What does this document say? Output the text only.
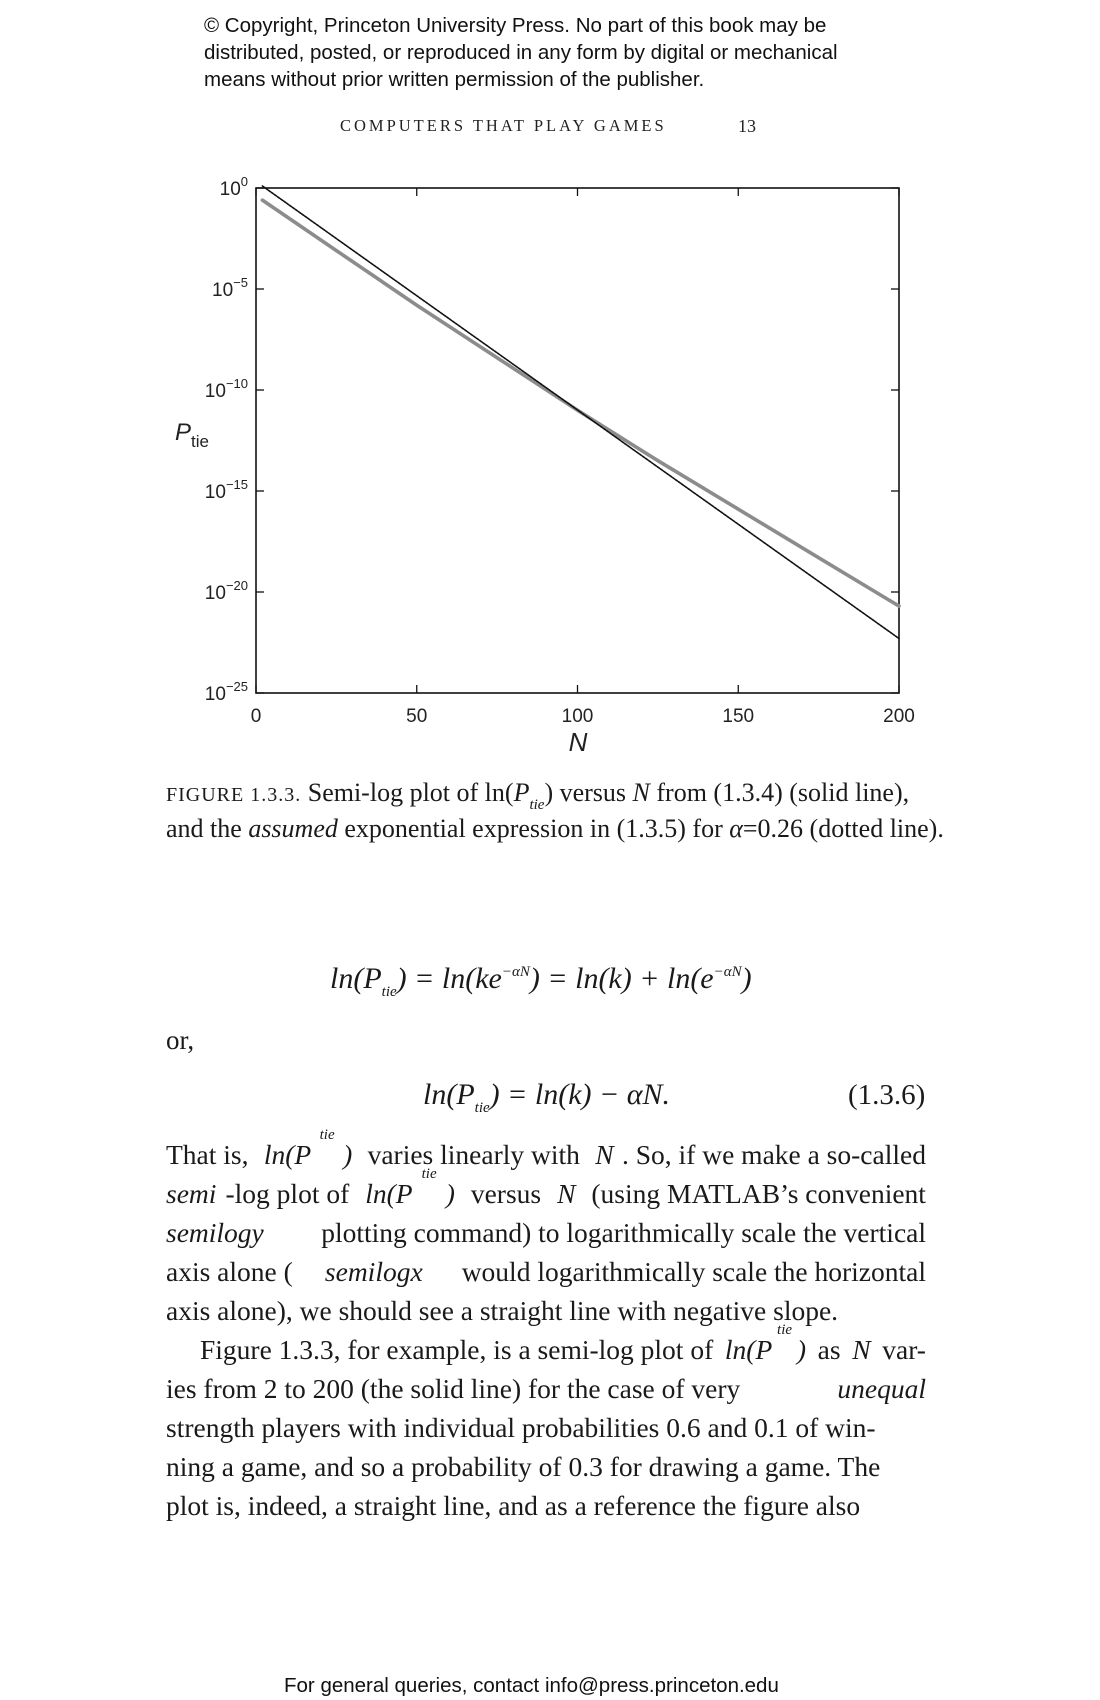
© Copyright, Princeton University Press. No part of this book may be
distributed, posted, or reproduced in any form by digital or mechanical
means without prior written permission of the publisher.
COMPUTERS THAT PLAY GAMES	13
0	50	100	150	200
$10^0$
$10^{-5}$
$10^{-10}$
$10^{-15}$
$10^{-20}$
$10^{-25}$
N
$P_{tie}$
FIGURE 1.3.3. Semi-log plot of $\ln(P_{tie})$ versus N from (1.3.4) (solid line), and the assumed exponential expression in (1.3.5) for α=0.26 (dotted line).
$\ln(P_{tie}) = \ln(ke^{-\alpha N}) = \ln(k) + \ln(e^{-\alpha N})$
or,
$\ln(P_{tie}) = \ln(k) - \alpha N$.	(1.3.6)
That is, ln(P
tie
) varies linearly with N . So, if we make a so-called
semi -log plot of ln(P
tie
) versus N (using MATLAB’s convenient
semilogy plotting command) to logarithmically scale the vertical
axis alone ( semilogx would logarithmically scale the horizontal
axis alone), we should see a straight line with negative slope.
Figure 1.3.3, for example, is a semi-log plot of ln(P
tie
) as N var-
ies from 2 to 200 (the solid line) for the case of very	unequal
strength players with individual probabilities 0.6 and 0.1 of win-
ning a game, and so a probability of 0.3 for drawing a game. The
plot is, indeed, a straight line, and as a reference the figure also
For general queries, contact info@press.princeton.edu
